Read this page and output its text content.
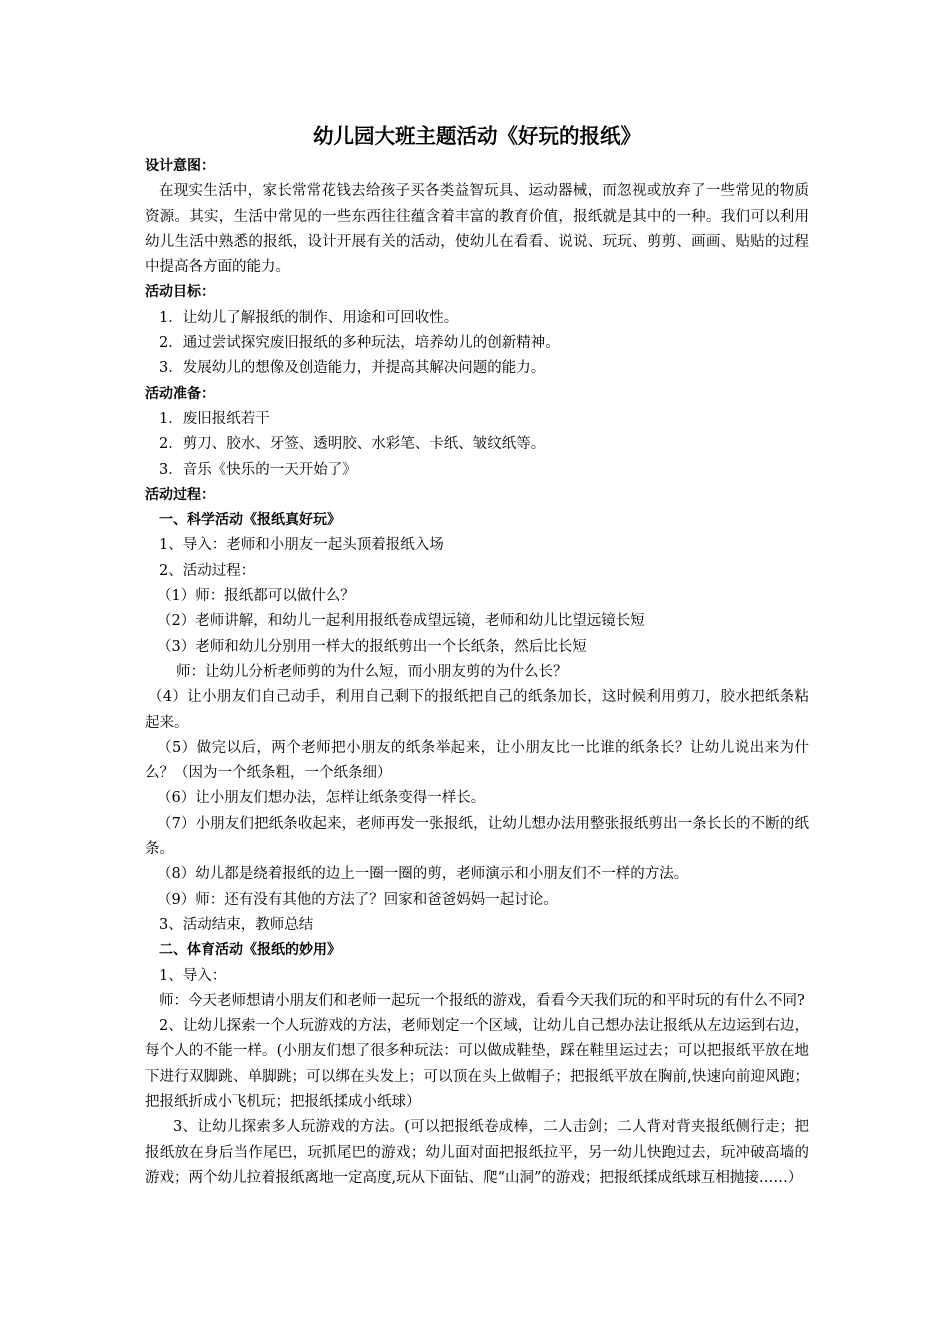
幼儿园大班主题活动《好玩的报纸》

设计意图：

在现实生活中，家长常常花钱去给孩子买各类益智玩具、运动器械，而忽视或放弃了一些常见的物质资源。其实，生活中常见的一些东西往往蕴含着丰富的教育价值，报纸就是其中的一种。我们可以利用幼儿生活中熟悉的报纸，设计开展有关的活动，使幼儿在看看、说说、玩玩、剪剪、画画、贴贴的过程中提高各方面的能力。

活动目标：

1．让幼儿了解报纸的制作、用途和可回收性。

2．通过尝试探究废旧报纸的多种玩法，培养幼儿的创新精神。

3．发展幼儿的想像及创造能力，并提高其解决问题的能力。

活动准备：

1．废旧报纸若干

2．剪刀、胶水、牙签、透明胶、水彩笔、卡纸、皱纹纸等。

3．音乐《快乐的一天开始了》

活动过程：

一、科学活动《报纸真好玩》

1、导入：老师和小朋友一起头顶着报纸入场

2、活动过程：

（1）师：报纸都可以做什么？

（2）老师讲解，和幼儿一起利用报纸卷成望远镜，老师和幼儿比望远镜长短

（3）老师和幼儿分别用一样大的报纸剪出一个长纸条，然后比长短

师：让幼儿分析老师剪的为什么短，而小朋友剪的为什么长？

（4）让小朋友们自己动手，利用自己剩下的报纸把自己的纸条加长，这时候利用剪刀，胶水把纸条粘起来。

（5）做完以后，两个老师把小朋友的纸条举起来，让小朋友比一比谁的纸条长？让幼儿说出来为什么？（因为一个纸条粗，一个纸条细）

（6）让小朋友们想办法，怎样让纸条变得一样长。

（7）小朋友们把纸条收起来，老师再发一张报纸，让幼儿想办法用整张报纸剪出一条长长的不断的纸条。

（8）幼儿都是绕着报纸的边上一圈一圈的剪，老师演示和小朋友们不一样的方法。

（9）师：还有没有其他的方法了？回家和爸爸妈妈一起讨论。

3、活动结束，教师总结

二、体育活动《报纸的妙用》

1、导入：

师：今天老师想请小朋友们和老师一起玩一个报纸的游戏，看看今天我们玩的和平时玩的有什么不同?

2、让幼儿探索一个人玩游戏的方法，老师划定一个区域，让幼儿自己想办法让报纸从左边运到右边，每个人的不能一样。(小朋友们想了很多种玩法：可以做成鞋垫，踩在鞋里运过去；可以把报纸平放在地下进行双脚跳、单脚跳；可以绑在头发上；可以顶在头上做帽子；把报纸平放在胸前,快速向前迎风跑；把报纸折成小飞机玩；把报纸揉成小纸球）

3、让幼儿探索多人玩游戏的方法。(可以把报纸卷成棒，二人击剑；二人背对背夹报纸侧行走；把报纸放在身后当作尾巴，玩抓尾巴的游戏；幼儿面对面把报纸拉平，另一幼儿快跑过去，玩冲破高墙的游戏；两个幼儿拉着报纸离地一定高度,玩从下面钻、爬“山洞”的游戏；把报纸揉成纸球互相抛接……）
